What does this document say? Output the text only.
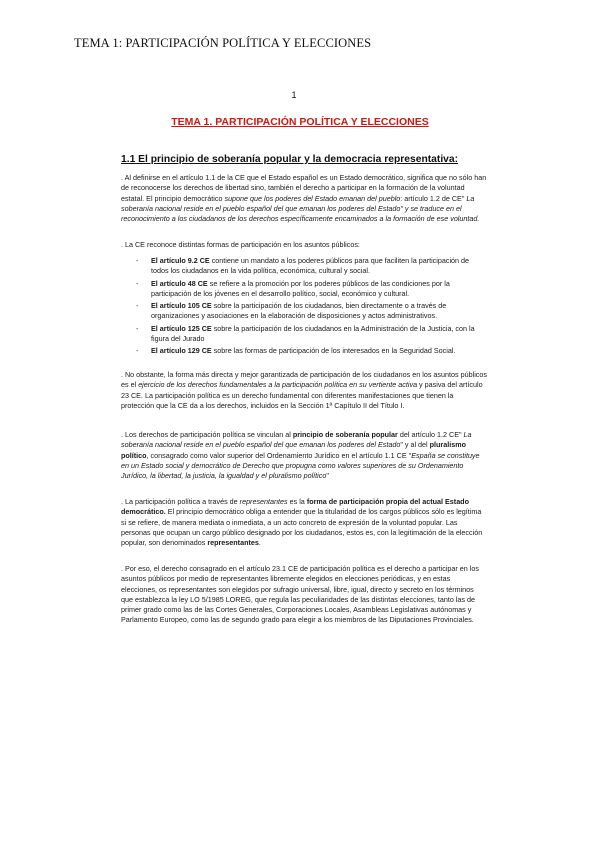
TEMA 1: PARTICIPACIÓN POLÍTICA Y ELECCIONES
1
TEMA 1. PARTICIPACIÓN POLÍTICA Y ELECCIONES
1.1 El principio de soberanía popular y la democracia representativa:

. Al definirse en el artículo 1.1 de la CE que el Estado español es un Estado democrático, significa que no sólo han de reconocerse los derechos de libertad sino, también el derecho a participar en la formación de la voluntad estatal. El principio democrático supone que los poderes del Estado emanan del pueblo: artículo 1.2 de CE" La soberanía nacional reside en el pueblo español del que emanan los poderes del Estado" y se traduce en el reconocimiento a los ciudadanos de los derechos específicamente encaminados a la formación de ese voluntad.

. La CE reconoce distintas formas de participación en los asuntos públicos:

- El artículo 9.2 CE contiene un mandato a los poderes públicos para que faciliten la participación de todos los ciudadanos en la vida política, económica, cultural y social.
- El artículo 48 CE se refiere a la promoción por los poderes públicos de las condiciones por la participación de los jóvenes en el desarrollo político, social, económico y cultural.
- El artículo 105 CE sobre la participación de los ciudadanos, bien directamente o a través de organizaciones y asociaciones en la elaboración de disposiciones y actos administrativos.
- El artículo 125 CE sobre la participación de los ciudadanos en la Administración de la Justicia, con la figura del Jurado
- El artículo 129 CE sobre las formas de participación de los interesados en la Seguridad Social.

. No obstante, la forma más directa y mejor garantizada de participación de los ciudadanos en los asuntos públicos es el ejercicio de los derechos fundamentales a la participación política en su vertiente activa y pasiva del artículo 23 CE. La participación política es un derecho fundamental con diferentes manifestaciones que tienen la protección que la CE da a los derechos, incluidos en la Sección 1ª Capítulo II del Título I.

. Los derechos de participación política se vinculan al principio de soberanía popular del artículo 1.2 CE" La soberanía nacional reside en el pueblo español del que emanan los poderes del Estado" y al del pluralismo político, consagrado como valor superior del Ordenamiento Jurídico en el artículo 1.1 CE "España se constituye en un Estado social y democrático de Derecho que propugna como valores superiores de su Ordenamiento Jurídico, la libertad, la justicia, la igualdad y el pluralismo político"

. La participación política a través de representantes es la forma de participación propia del actual Estado democrático. El principio democrático obliga a entender que la titularidad de los cargos públicos sólo es legítima si se refiere, de manera mediata o inmediata, a un acto concreto de expresión de la voluntad popular. Las personas que ocupan un cargo público designado por los ciudadanos, estos es, con la legitimación de la elección popular, son denominados representantes.

. Por eso, el derecho consagrado en el artículo 23.1 CE de participación política es el derecho a participar en los asuntos públicos por medio de representantes libremente elegidos en elecciones periódicas, y en estas elecciones, os representantes son elegidos por sufragio universal, libre, igual, directo y secreto en los términos que establezca la ley LO 5/1985 LOREG, que regula las peculiaridades de las distintas elecciones, tanto las de primer grado como las de las Cortes Generales, Corporaciones Locales, Asambleas Legislativas autónomas y Parlamento Europeo, como las de segundo grado para elegir a los miembros de las Diputaciones Provinciales.
